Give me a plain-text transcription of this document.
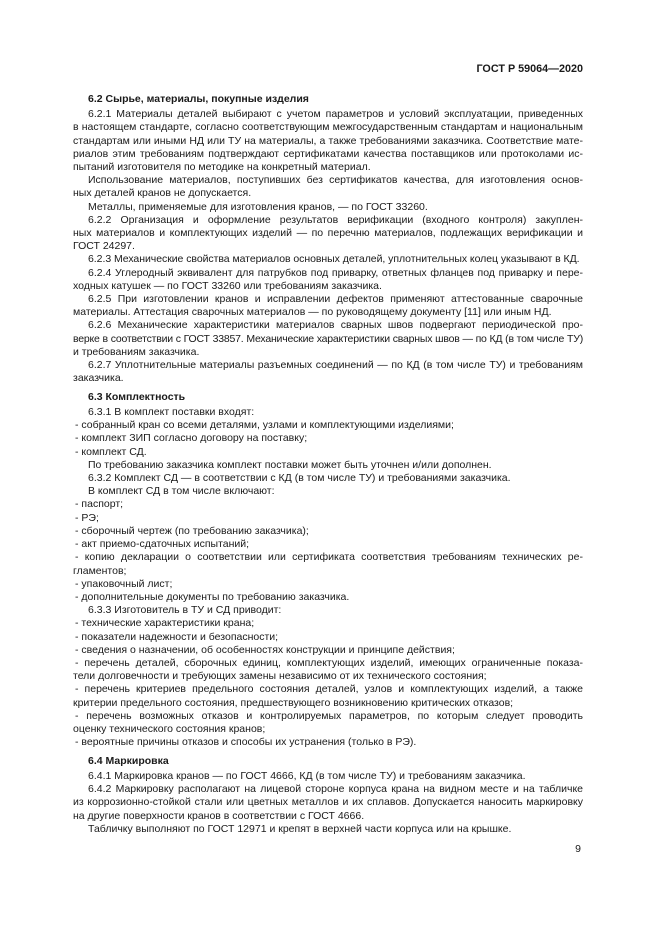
ГОСТ Р 59064—2020
6.2 Сырье, материалы, покупные изделия
6.2.1 Материалы деталей выбирают с учетом параметров и условий эксплуатации, приведенных
в настоящем стандарте, согласно соответствующим межгосударственным стандартам и национальным
стандартам или иными НД или ТУ на материалы, а также требованиями заказчика. Соответствие мате-
риалов этим требованиям подтверждают сертификатами качества поставщиков или протоколами ис-
пытаний изготовителя по методике на конкретный материал.
Использование материалов, поступивших без сертификатов качества, для изготовления основ-
ных деталей кранов не допускается.
Металлы, применяемые для изготовления кранов, — по ГОСТ 33260.
6.2.2 Организация и оформление результатов верификации (входного контроля) закуплен-
ных материалов и комплектующих изделий — по перечню материалов, подлежащих верификации и
ГОСТ 24297.
6.2.3 Механические свойства материалов основных деталей, уплотнительных колец указывают в КД.
6.2.4 Углеродный эквивалент для патрубков под приварку, ответных фланцев под приварку и пере-
ходных катушек — по ГОСТ 33260 или требованиям заказчика.
6.2.5 При изготовлении кранов и исправлении дефектов применяют аттестованные сварочные
материалы. Аттестация сварочных материалов — по руководящему документу [11] или иным НД.
6.2.6 Механические характеристики материалов сварных швов подвергают периодической про-
верке в соответствии с ГОСТ 33857. Механические характеристики сварных швов — по КД (в том числе ТУ)
и требованиям заказчика.
6.2.7 Уплотнительные материалы разъемных соединений — по КД (в том числе ТУ) и требованиям
заказчика.
6.3 Комплектность
6.3.1 В комплект поставки входят:
- собранный кран со всеми деталями, узлами и комплектующими изделиями;
- комплект ЗИП согласно договору на поставку;
- комплект СД.
По требованию заказчика комплект поставки может быть уточнен и/или дополнен.
6.3.2 Комплект СД — в соответствии с КД (в том числе ТУ) и требованиями заказчика.
В комплект СД в том числе включают:
- паспорт;
- РЭ;
- сборочный чертеж (по требованию заказчика);
- акт приемо-сдаточных испытаний;
- копию декларации о соответствии или сертификата соответствия требованиям технических ре-
гламентов;
- упаковочный лист;
- дополнительные документы по требованию заказчика.
6.3.3 Изготовитель в ТУ и СД приводит:
- технические характеристики крана;
- показатели надежности и безопасности;
- сведения о назначении, об особенностях конструкции и принципе действия;
- перечень деталей, сборочных единиц, комплектующих изделий, имеющих ограниченные показа-
тели долговечности и требующих замены независимо от их технического состояния;
- перечень критериев предельного состояния деталей, узлов и комплектующих изделий, а также
критерии предельного состояния, предшествующего возникновению критических отказов;
- перечень возможных отказов и контролируемых параметров, по которым следует проводить
оценку технического состояния кранов;
- вероятные причины отказов и способы их устранения (только в РЭ).
6.4 Маркировка
6.4.1 Маркировка кранов — по ГОСТ 4666, КД (в том числе ТУ) и требованиям заказчика.
6.4.2 Маркировку располагают на лицевой стороне корпуса крана на видном месте и на табличке
из коррозионно-стойкой стали или цветных металлов и их сплавов. Допускается наносить маркировку
на другие поверхности кранов в соответствии с ГОСТ 4666.
Табличку выполняют по ГОСТ 12971 и крепят в верхней части корпуса или на крышке.
9
